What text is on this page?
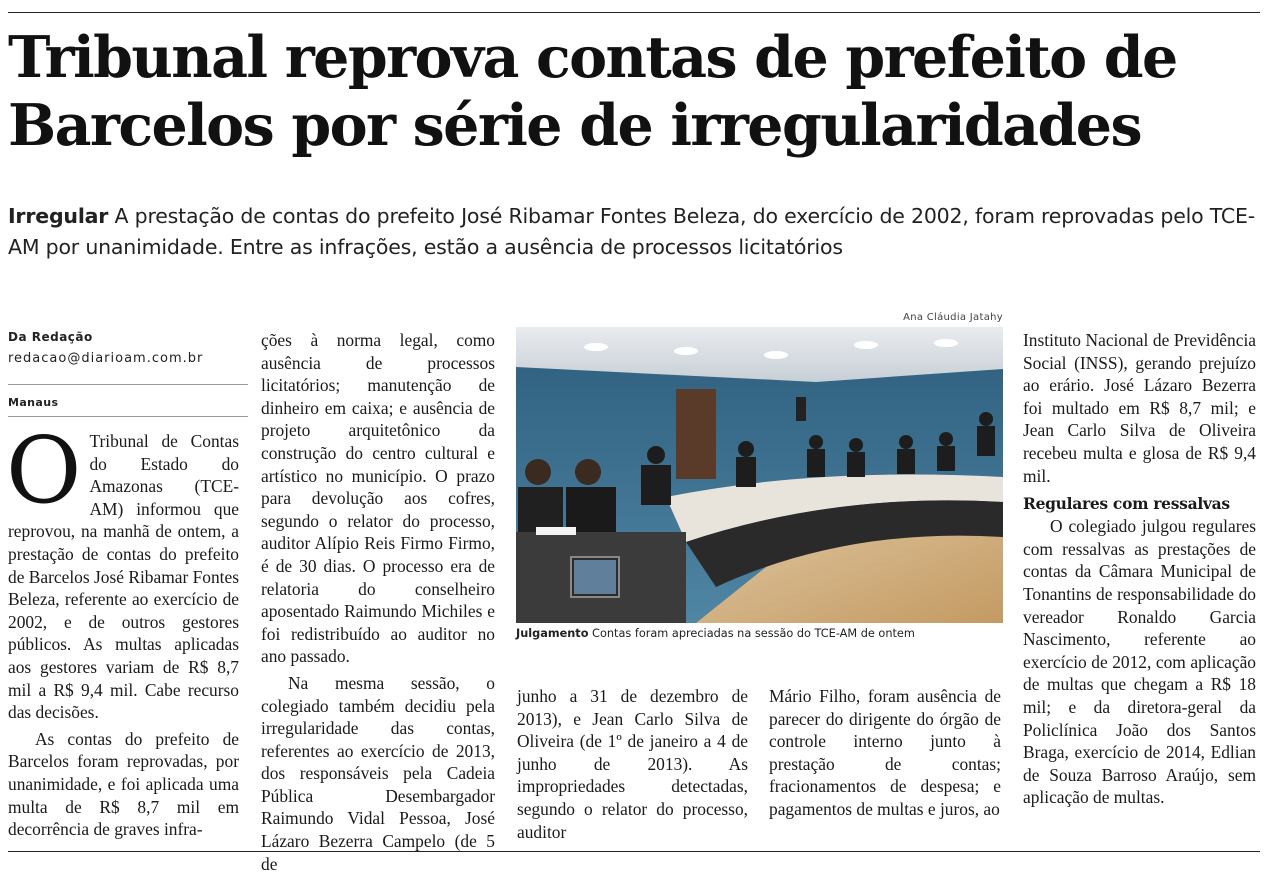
Tribunal reprova contas de prefeito de Barcelos por série de irregularidades

Irregular A prestação de contas do prefeito José Ribamar Fontes Beleza, do exercício de 2002, foram reprovadas pelo TCE-AM por unanimidade. Entre as infrações, estão a ausência de processos licitatórios

Da Redação
redacao@diarioam.com.br
Manaus

O Tribunal de Contas do Estado do Amazonas (TCE-AM) informou que reprovou, na manhã de ontem, a prestação de contas do prefeito de Barcelos José Ribamar Fontes Beleza, referente ao exercício de 2002, e de outros gestores públicos. As multas aplicadas aos gestores variam de R$ 8,7 mil a R$ 9,4 mil. Cabe recurso das decisões.

As contas do prefeito de Barcelos foram reprovadas, por unanimidade, e foi aplicada uma multa de R$ 8,7 mil em decorrência de graves infra-

ções à norma legal, como ausência de processos licitatórios; manutenção de dinheiro em caixa; e ausência de projeto arquitetônico da construção do centro cultural e artístico no município. O prazo para devolução aos cofres, segundo o relator do processo, auditor Alípio Reis Firmo Firmo, é de 30 dias. O processo era de relatoria do conselheiro aposentado Raimundo Michiles e foi redistribuído ao auditor no ano passado.

Na mesma sessão, o colegiado também decidiu pela irregularidade das contas, referentes ao exercício de 2013, dos responsáveis pela Cadeia Pública Desembargador Raimundo Vidal Pessoa, José Lázaro Bezerra Campelo (de 5 de

Ana Cláudia Jatahy
Julgamento Contas foram apreciadas na sessão do TCE-AM de ontem

junho a 31 de dezembro de 2013), e Jean Carlo Silva de Oliveira (de 1º de janeiro a 4 de junho de 2013). As impropriedades detectadas, segundo o relator do processo, auditor

Mário Filho, foram ausência de parecer do dirigente do órgão de controle interno junto à prestação de contas; fracionamentos de despesa; e pagamentos de multas e juros, ao

Instituto Nacional de Previdência Social (INSS), gerando prejuízo ao erário. José Lázaro Bezerra foi multado em R$ 8,7 mil; e Jean Carlo Silva de Oliveira recebeu multa e glosa de R$ 9,4 mil.

Regulares com ressalvas

O colegiado julgou regulares com ressalvas as prestações de contas da Câmara Municipal de Tonantins de responsabilidade do vereador Ronaldo Garcia Nascimento, referente ao exercício de 2012, com aplicação de multas que chegam a R$ 18 mil; e da diretora-geral da Policlínica João dos Santos Braga, exercício de 2014, Edlian de Souza Barroso Araújo, sem aplicação de multas.
